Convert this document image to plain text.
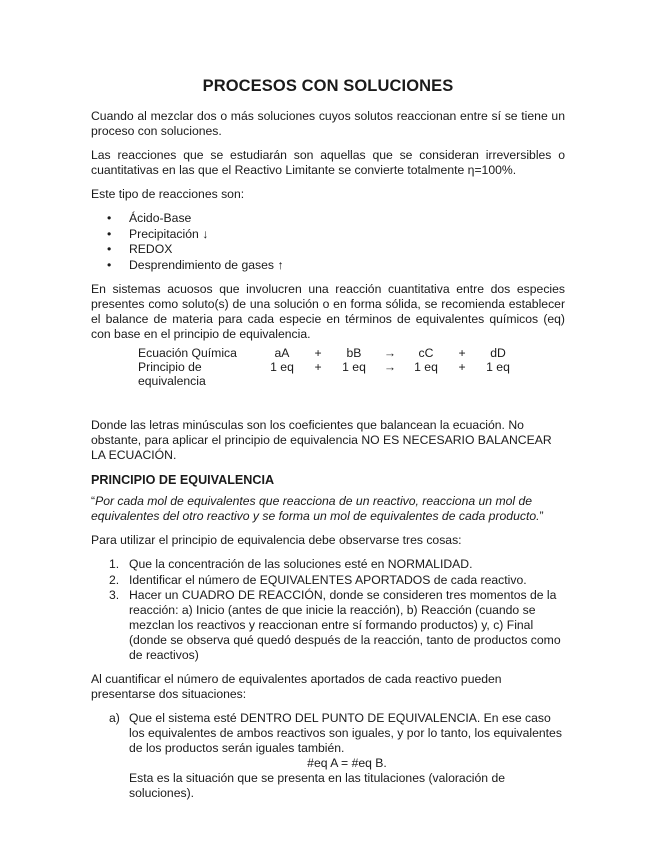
PROCESOS CON SOLUCIONES

Cuando al mezclar dos o más soluciones cuyos solutos reaccionan entre sí se tiene un proceso con soluciones.

Las reacciones que se estudiarán son aquellas que se consideran irreversibles o cuantitativas en las que el Reactivo Limitante se convierte totalmente η=100%.

Este tipo de reacciones son:

• Ácido-Base
• Precipitación ↓
• REDOX
• Desprendimiento de gases ↑

En sistemas acuosos que involucren una reacción cuantitativa entre dos especies presentes como soluto(s) de una solución o en forma sólida, se recomienda establecer el balance de materia para cada especie en términos de equivalentes químicos (eq) con base en el principio de equivalencia.

Ecuación Química	aA	+	bB	→	cC	+	dD
Principio de equivalencia	1 eq	+	1 eq	→	1 eq	+	1 eq

Donde las letras minúsculas son los coeficientes que balancean la ecuación. No obstante, para aplicar el principio de equivalencia NO ES NECESARIO BALANCEAR LA ECUACIÓN.

PRINCIPIO DE EQUIVALENCIA

“Por cada mol de equivalentes que reacciona de un reactivo, reacciona un mol de equivalentes del otro reactivo y se forma un mol de equivalentes de cada producto.”

Para utilizar el principio de equivalencia debe observarse tres cosas:

1. Que la concentración de las soluciones esté en NORMALIDAD.
2. Identificar el número de EQUIVALENTES APORTADOS de cada reactivo.
3. Hacer un CUADRO DE REACCIÓN, donde se consideren tres momentos de la reacción: a) Inicio (antes de que inicie la reacción), b) Reacción (cuando se mezclan los reactivos y reaccionan entre sí formando productos) y, c) Final (donde se observa qué quedó después de la reacción, tanto de productos como de reactivos)

Al cuantificar el número de equivalentes aportados de cada reactivo pueden presentarse dos situaciones:

a) Que el sistema esté DENTRO DEL PUNTO DE EQUIVALENCIA. En ese caso los equivalentes de ambos reactivos son iguales, y por lo tanto, los equivalentes de los productos serán iguales también.
#eq A = #eq B.
Esta es la situación que se presenta en las titulaciones (valoración de soluciones).
